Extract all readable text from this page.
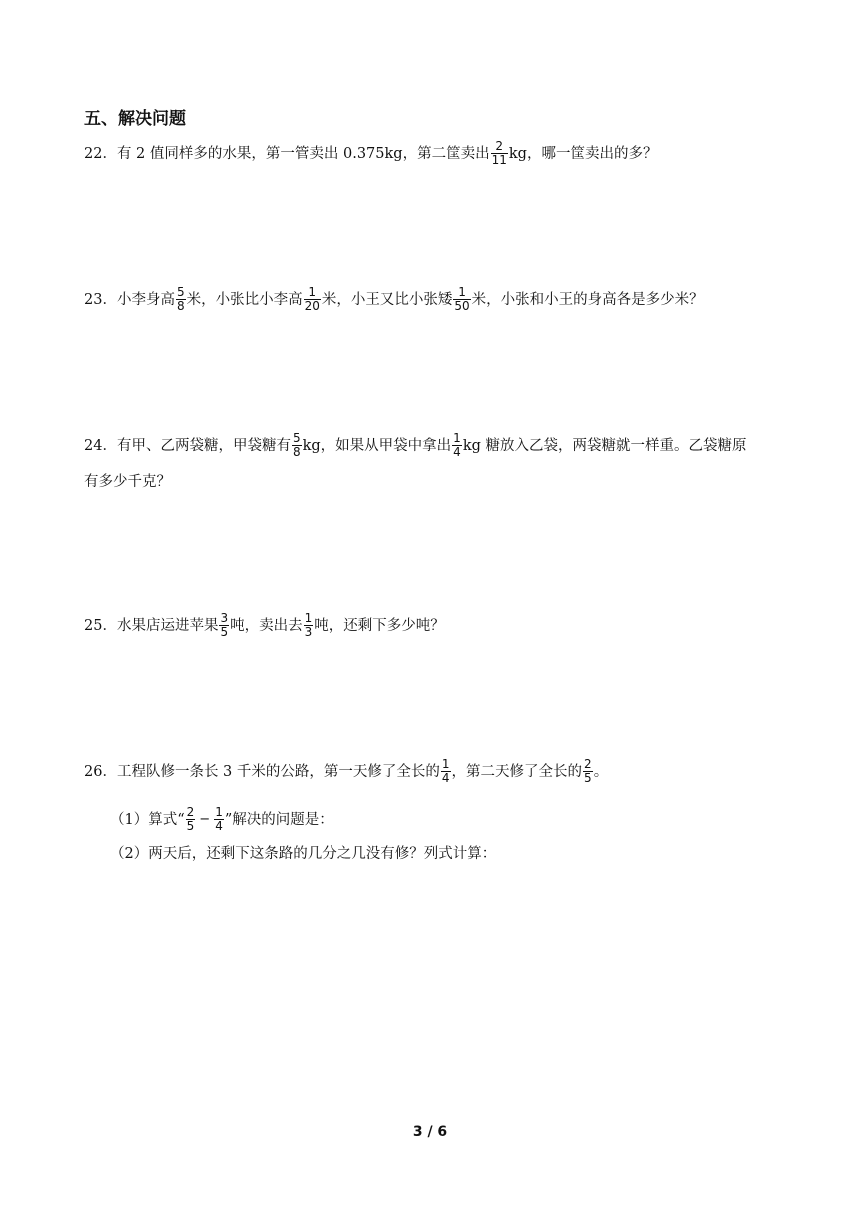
五、解决问题
22．有 2 值同样多的水果，第一管卖出 0.375kg，第二筐卖出 $\frac{2}{11}$ kg，哪一筐卖出的多？
23．小李身高 $\frac{5}{8}$ 米，小张比小李高 $\frac{1}{20}$ 米，小王又比小张矮 $\frac{1}{50}$ 米，小张和小王的身高各是多少米？
24．有甲、乙两袋糖，甲袋糖有 $\frac{5}{8}$ kg，如果从甲袋中拿出 $\frac{1}{4}$ kg 糖放入乙袋，两袋糖就一样重。乙袋糖原
有多少千克？
25．水果店运进苹果 $\frac{3}{5}$ 吨，卖出去 $\frac{1}{3}$ 吨，还剩下多少吨？
26．工程队修一条长 3 千米的公路，第一天修了全长的 $\frac{1}{4}$ ，第二天修了全长的 $\frac{2}{5}$ 。
（1）算式“ $\frac{2}{5} - \frac{1}{4}$ ”解决的问题是：
（2）两天后，还剩下这条路的几分之几没有修？列式计算：
3 / 6
